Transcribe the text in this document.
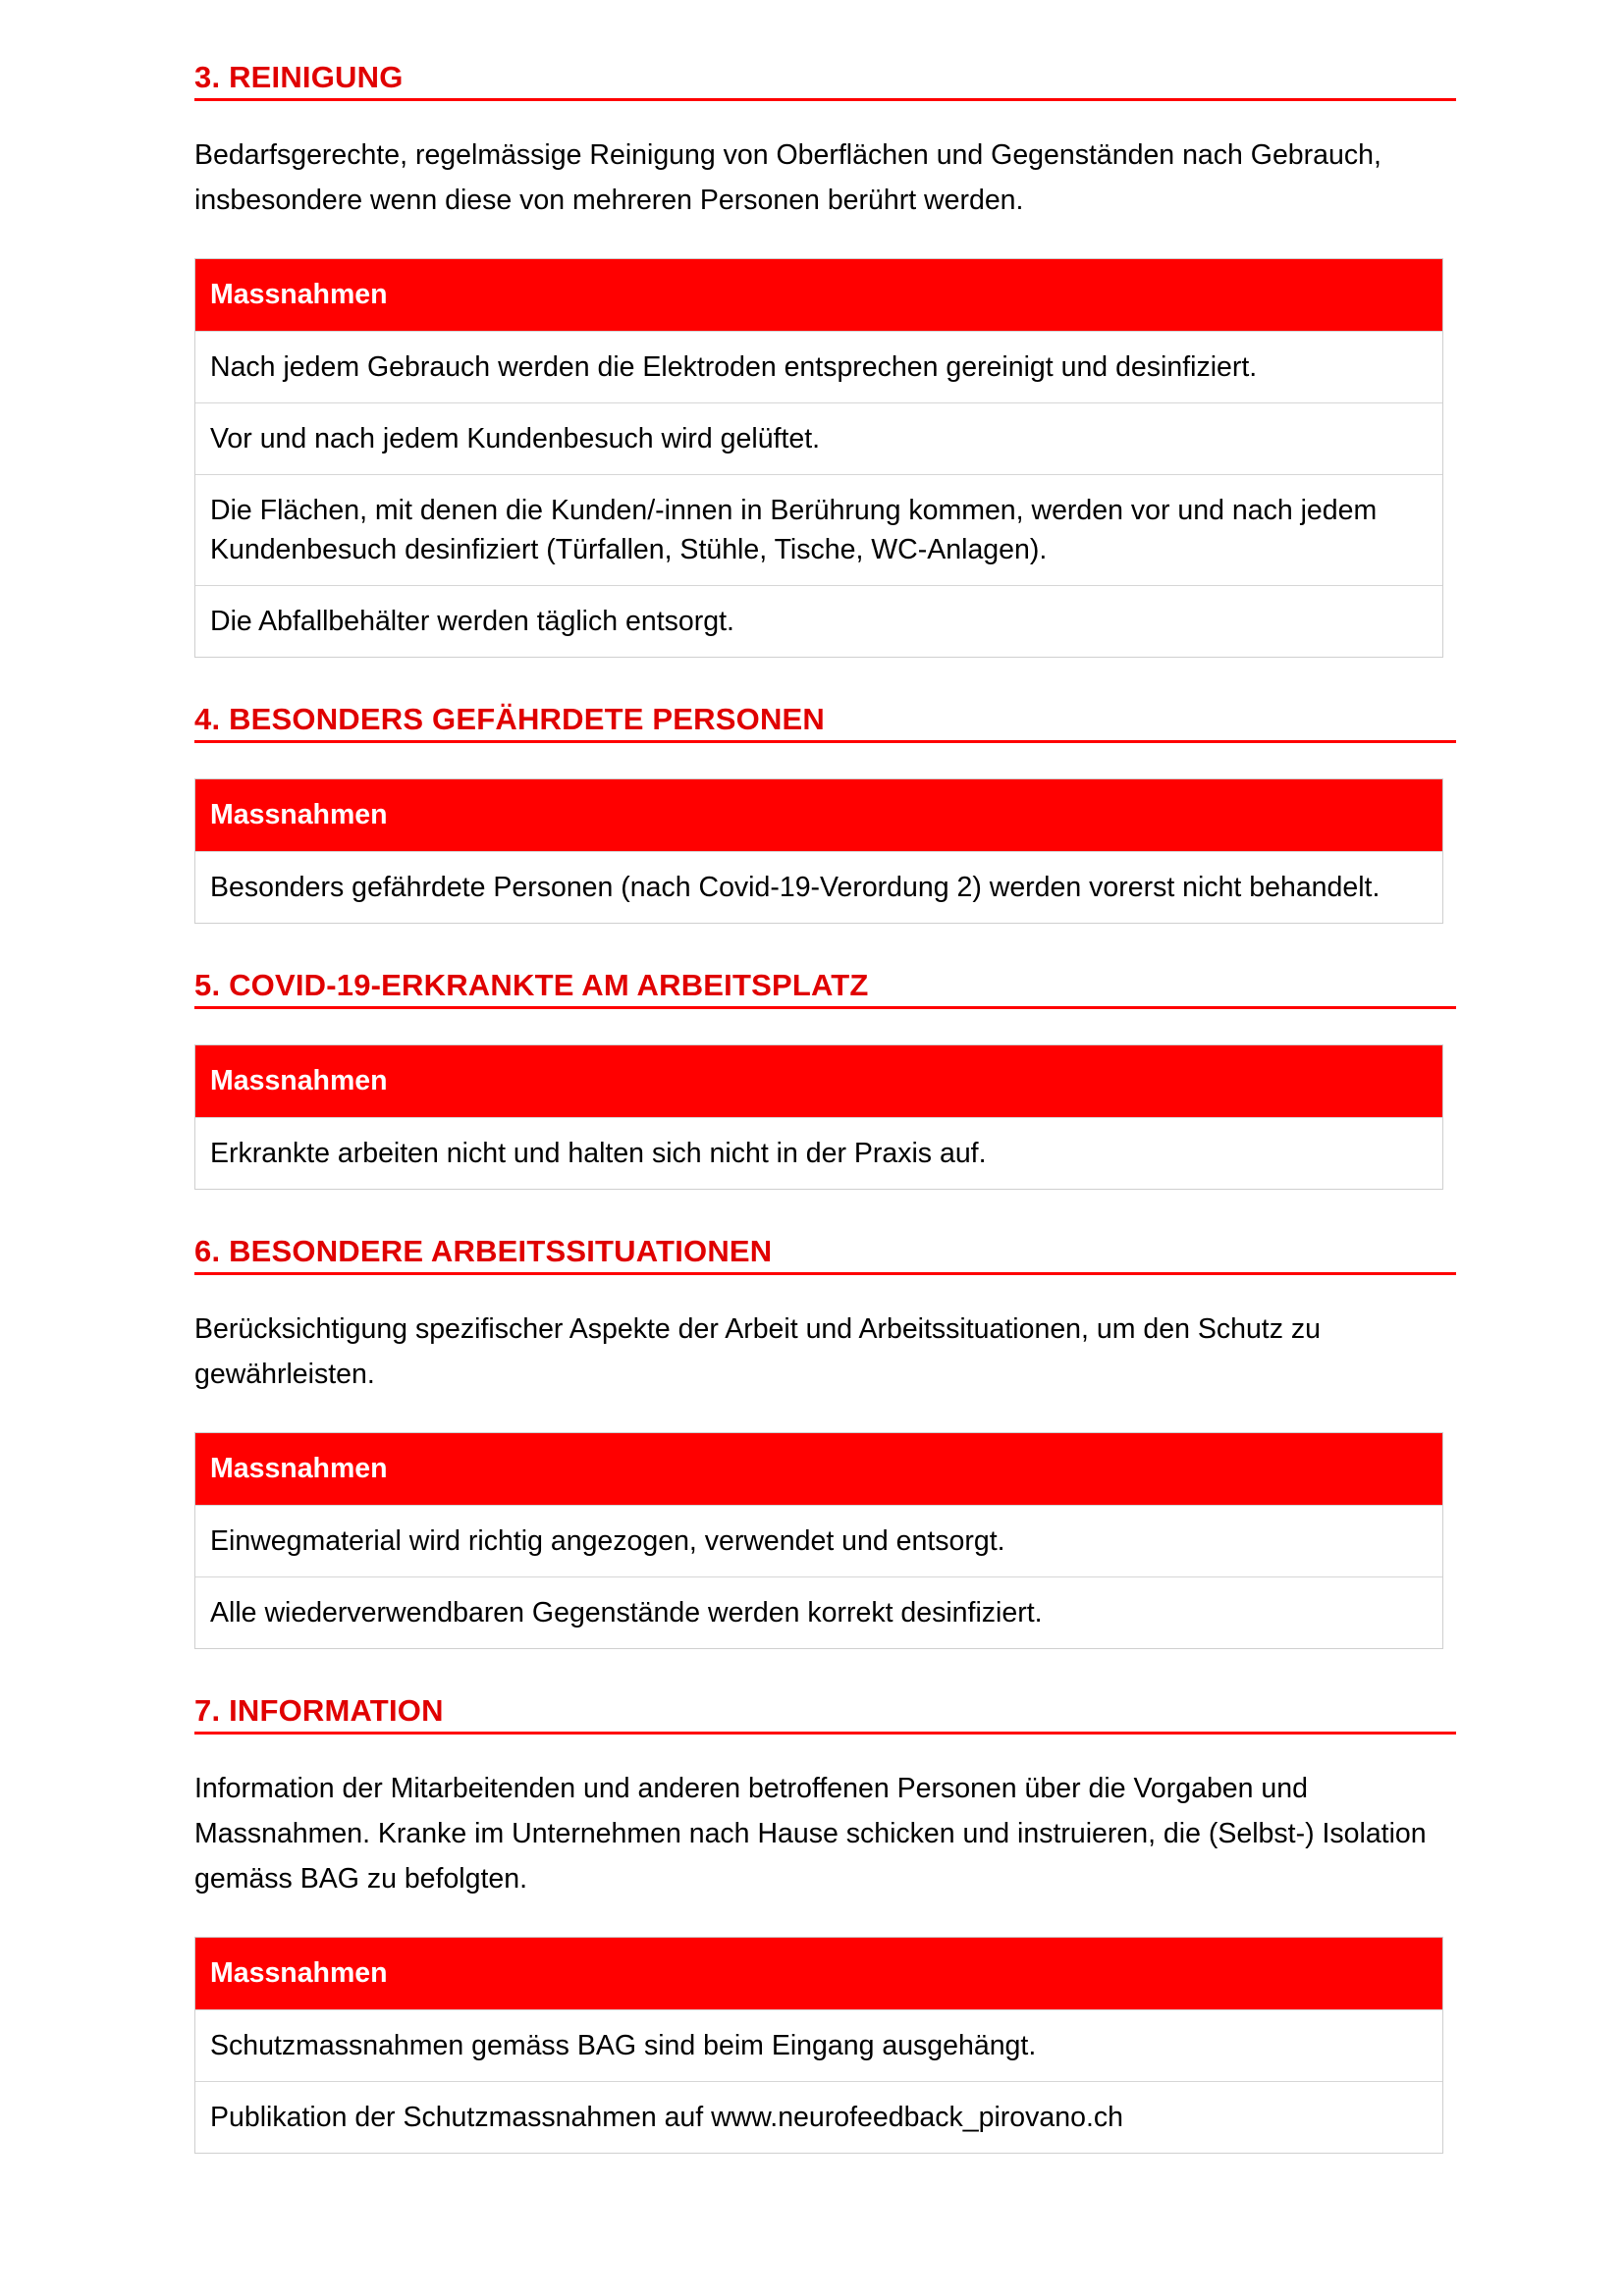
3. REINIGUNG

Bedarfsgerechte, regelmässige Reinigung von Oberflächen und Gegenständen nach Gebrauch, insbesondere wenn diese von mehreren Personen berührt werden.

Massnahmen
Nach jedem Gebrauch werden die Elektroden entsprechen gereinigt und desinfiziert.
Vor und nach jedem Kundenbesuch wird gelüftet.
Die Flächen, mit denen die Kunden/-innen in Berührung kommen, werden vor und nach jedem Kundenbesuch desinfiziert (Türfallen, Stühle, Tische, WC-Anlagen).
Die Abfallbehälter werden täglich entsorgt.
4. BESONDERS GEFÄHRDETE PERSONEN
Massnahmen
Besonders gefährdete Personen (nach Covid-19-Verordung 2) werden vorerst nicht behandelt.
5. COVID-19-ERKRANKTE AM ARBEITSPLATZ
Massnahmen
Erkrankte arbeiten nicht und halten sich nicht in der Praxis auf.
6. BESONDERE ARBEITSSITUATIONEN

Berücksichtigung spezifischer Aspekte der Arbeit und Arbeitssituationen, um den Schutz zu gewährleisten.

Massnahmen
Einwegmaterial wird richtig angezogen, verwendet und entsorgt.
Alle wiederverwendbaren Gegenstände werden korrekt desinfiziert.
7. INFORMATION

Information der Mitarbeitenden und anderen betroffenen Personen über die Vorgaben und Massnahmen. Kranke im Unternehmen nach Hause schicken und instruieren, die (Selbst-) Isolation gemäss BAG zu befolgten.

Massnahmen
Schutzmassnahmen gemäss BAG sind beim Eingang ausgehängt.
Publikation der Schutzmassnahmen auf www.neurofeedback_pirovano.ch
